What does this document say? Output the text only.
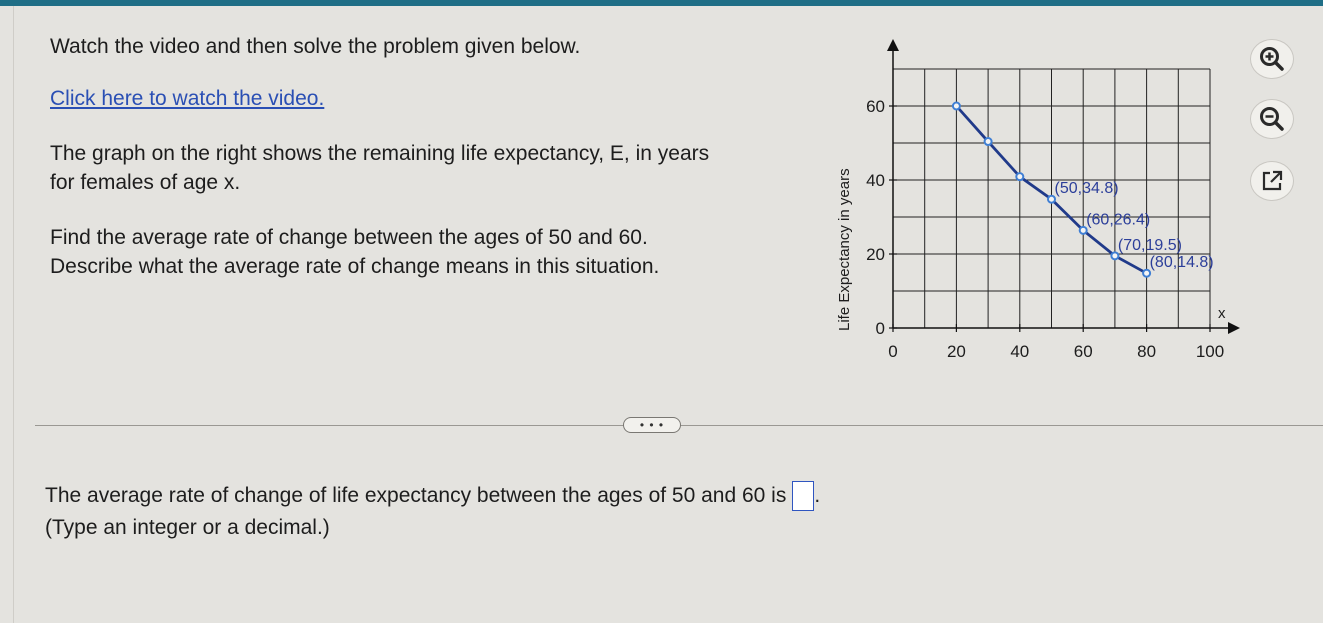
Watch the video and then solve the problem given below.

Click here to watch the video.

The graph on the right shows the remaining life expectancy, E, in years

for females of age x.

Find the average rate of change between the ages of 50 and 60.

Describe what the average rate of change means in this situation.

0	20	40	60	80 100
0
20
40
60
(50,34.8)
(60,26.4)
(70,19.5)
(80,14.8)
Life Expectancy in years	x
• • •

The average rate of change of life expectancy between the ages of 50 and 60 is .

(Type an integer or a decimal.)
